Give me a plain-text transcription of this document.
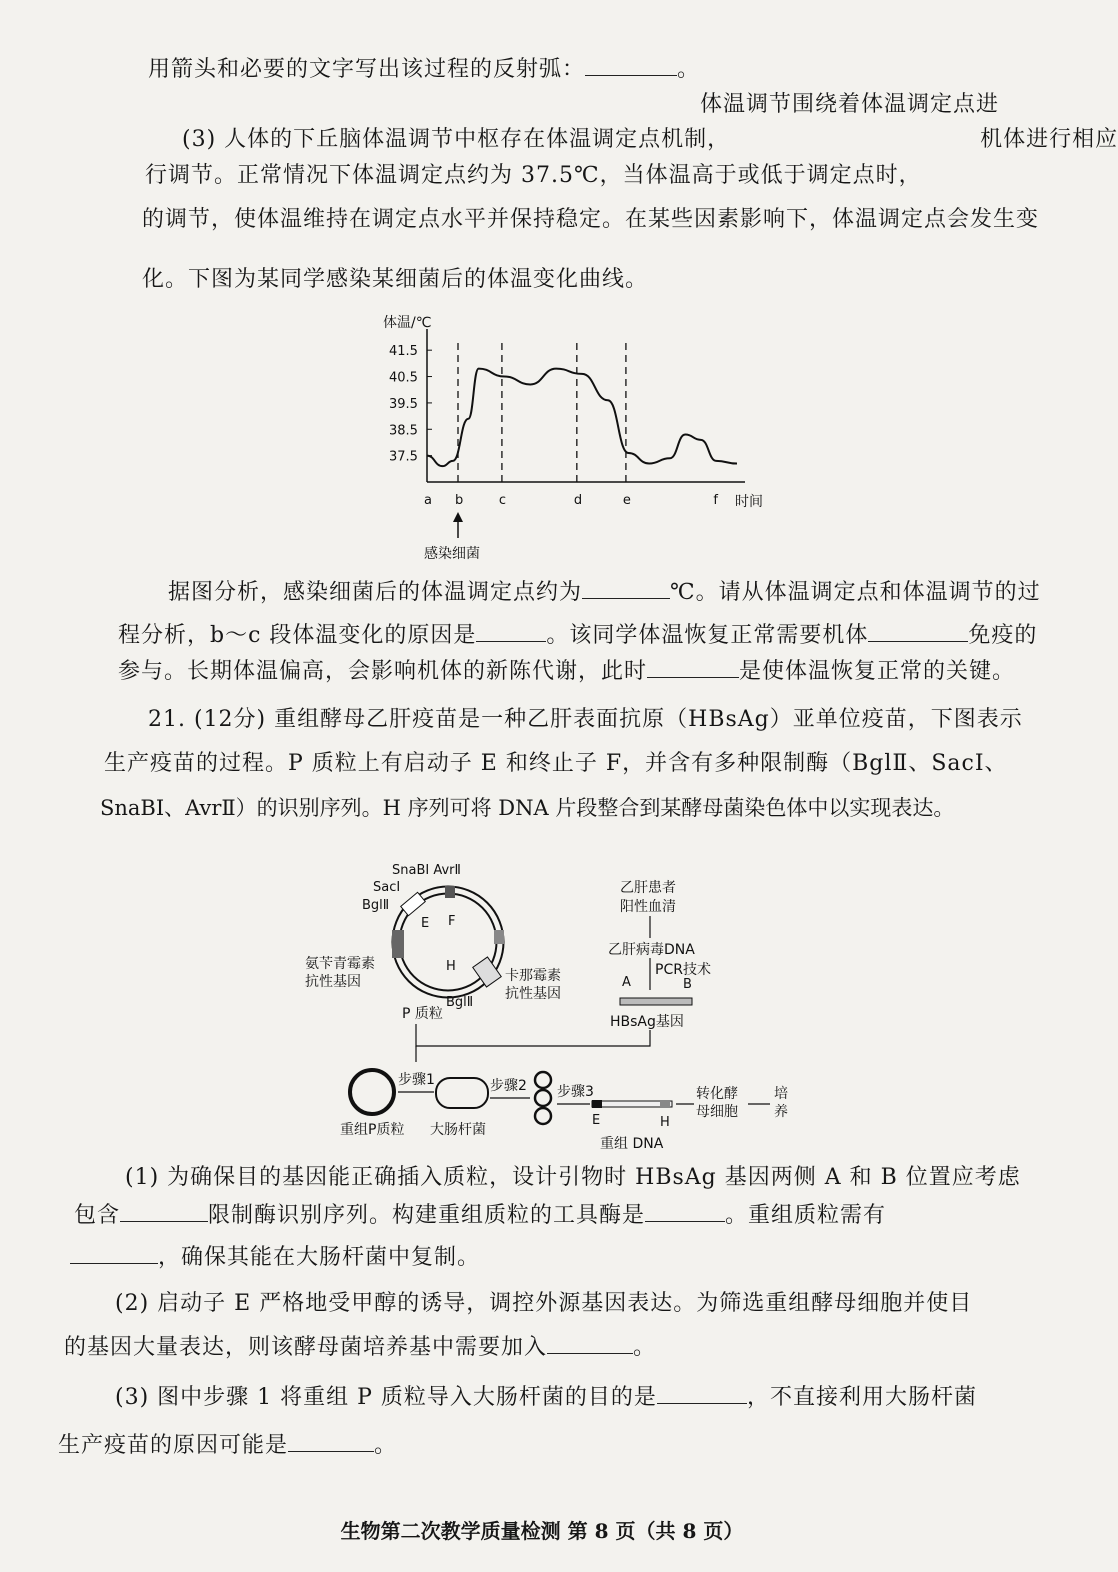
用箭头和必要的文字写出该过程的反射弧：	。
体温调节围绕着体温调定点进
(3) 人体的下丘脑体温调节中枢存在体温调定点机制，	机体进行相应
行调节。正常情况下体温调定点约为 37.5℃，当体温高于或低于调定点时，
的调节，使体温维持在调定点水平并保持稳定。在某些因素影响下，体温调定点会发生变
化。下图为某同学感染某细菌后的体温变化曲线。
体温/℃
37.5
38.5
39.5
40.5
41.5
a b	c	d	e	f 时间
感染细菌
据图分析，感染细菌后的体温调定点约为	℃。请从体温调定点和体温调节的过
程分析，b～c 段体温变化的原因是	。该同学体温恢复正常需要机体	免疫的
参与。长期体温偏高，会影响机体的新陈代谢，此时	是使体温恢复正常的关键。
21. (12分) 重组酵母乙肝疫苗是一种乙肝表面抗原（HBsAg）亚单位疫苗，下图表示
生产疫苗的过程。P 质粒上有启动子 E 和终止子 F，并含有多种限制酶（BglⅡ、SacⅠ、
SnaBⅠ、AvrⅡ）的识别序列。H 序列可将 DNA 片段整合到某酵母菌染色体中以实现表达。
SnaBⅠ AvrⅡ
SacⅠ
BglⅡ
E F
H
BglⅡ
氨苄青霉素
抗性基因	卡那霉素
抗性基因
P 质粒
乙肝患者
阳性血清
乙肝病毒DNA
PCR技术
A	B
HBsAg基因
步骤1	步骤2 步骤3
E	H
转化酵
母细胞
培
养
重组P质粒 大肠杆菌
重组 DNA
(1) 为确保目的基因能正确插入质粒，设计引物时 HBsAg 基因两侧 A 和 B 位置应考虑
包含	限制酶识别序列。构建重组质粒的工具酶是	。重组质粒需有
，确保其能在大肠杆菌中复制。
(2) 启动子 E 严格地受甲醇的诱导，调控外源基因表达。为筛选重组酵母细胞并使目
的基因大量表达，则该酵母菌培养基中需要加入	。
(3) 图中步骤 1 将重组 P 质粒导入大肠杆菌的目的是	，不直接利用大肠杆菌
生产疫苗的原因可能是	。
生物第二次教学质量检测 第 8 页（共 8 页）
